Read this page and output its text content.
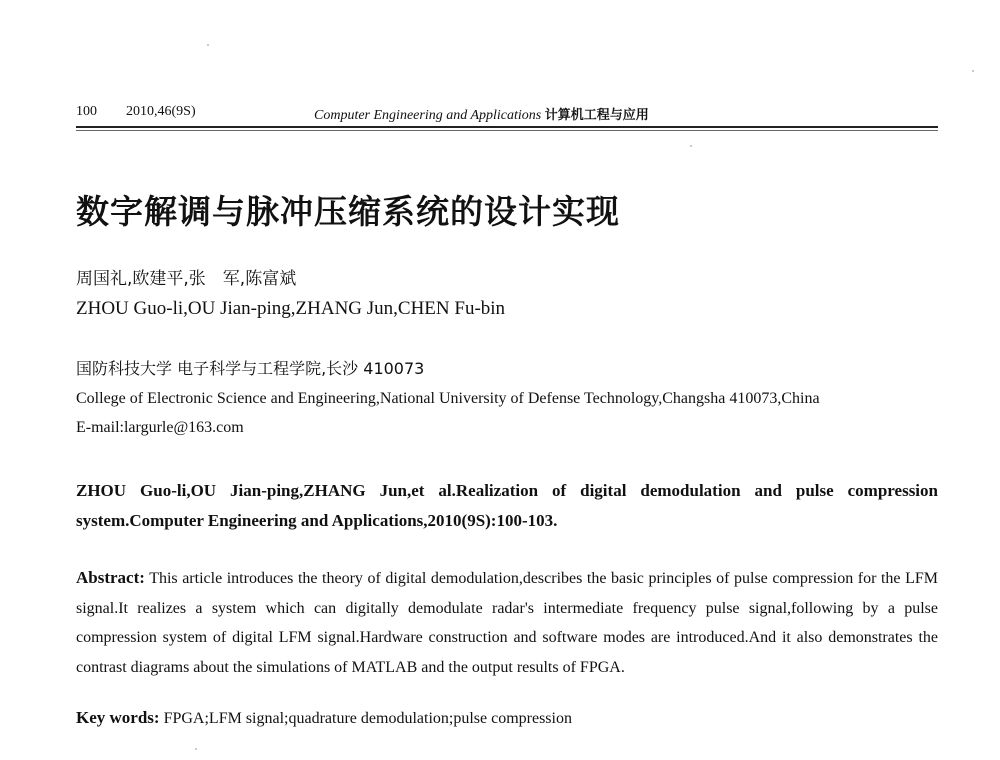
100 2010,46(9S)	Computer Engineering and Applications 计算机工程与应用
数字解调与脉冲压缩系统的设计实现
周国礼,欧建平,张　军,陈富斌
ZHOU Guo-li,OU Jian-ping,ZHANG Jun,CHEN Fu-bin
国防科技大学 电子科学与工程学院,长沙 410073
College of Electronic Science and Engineering,National University of Defense Technology,Changsha 410073,China
E-mail:largurle@163.com
ZHOU Guo-li,OU Jian-ping,ZHANG Jun,et al.Realization of digital demodulation and pulse compression system.Computer Engineering and Applications,2010(9S):100-103.
Abstract: This article introduces the theory of digital demodulation,describes the basic principles of pulse compression for the LFM signal.It realizes a system which can digitally demodulate radar's intermediate frequency pulse signal,following by a pulse compression system of digital LFM signal.Hardware construction and software modes are introduced.And it also demonstrates the contrast diagrams about the simulations of MATLAB and the output results of FPGA.
Key words: FPGA;LFM signal;quadrature demodulation;pulse compression
